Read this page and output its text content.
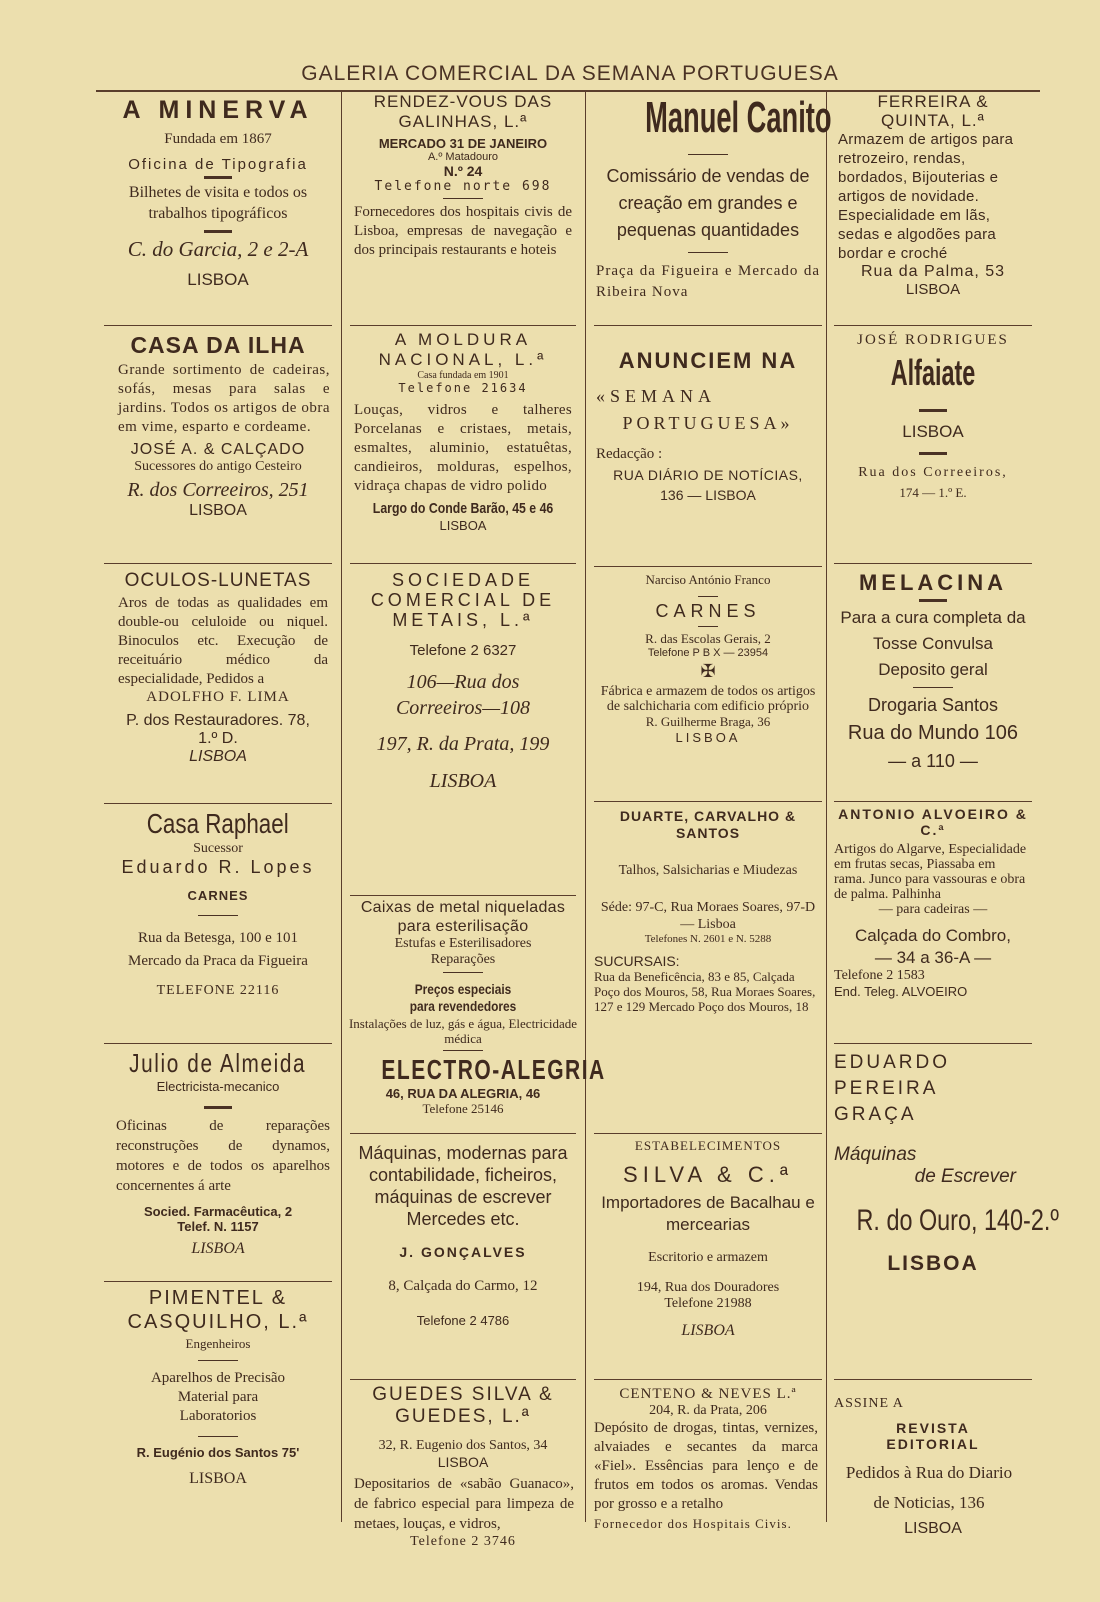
GALERIA COMERCIAL DA SEMANA PORTUGUESA

A MINERVA

Fundada em 1867

Oficina de Tipografia

Bilhetes de visita e todos os trabalhos tipográficos

C. do Garcia, 2 e 2-A

LISBOA

CASA DA ILHA

Grande sortimento de cadeiras, sofás, mesas para salas e jardins. Todos os artigos de obra em vime, esparto e cordeame.

JOSÉ A. & CALÇADO

Sucessores do antigo Cesteiro

R. dos Correeiros, 251

LISBOA

OCULOS-LUNETAS

Aros de todas as qualidades em double-ou celuloide ou niquel. Binoculos etc. Execução de receituário médico da especialidade, Pedidos a

ADOLFHO F. LIMA

P. dos Restauradores. 78, 1.º D.

LISBOA

Casa Raphael

Sucessor

Eduardo R. Lopes

CARNES

Rua da Betesga, 100 e 101

Mercado da Praca da Figueira

TELEFONE 22116

Julio de Almeida

Electricista-mecanico

Oficinas de reparações reconstruções de dynamos, motores e de todos os aparelhos concernentes á arte

Socied. Farmacêutica, 2

Telef. N. 1157

LISBOA

PIMENTEL & CASQUILHO, L.ª

Engenheiros

Aparelhos de Precisão Material para Laboratorios

R. Eugénio dos Santos 75'

LISBOA

RENDEZ-VOUS DAS GALINHAS, L.ª

MERCADO 31 DE JANEIRO

A.º Matadouro

N.º 24

Telefone norte 698

Fornecedores dos hospitais civis de Lisboa, empresas de navegação e dos principais restaurants e hoteis

A MOLDURA NACIONAL, L.ª

Casa fundada em 1901

Telefone 21634

Louças, vidros e talheres Porcelanas e cristaes, metais, esmaltes, aluminio, estatuêtas, candieiros, molduras, espelhos, vidraça chapas de vidro polido

Largo do Conde Barão, 45 e 46

LISBOA

SOCIEDADE COMERCIAL DE METAIS, L.ª

Telefone 2 6327

106—Rua dos Correeiros—108

197, R. da Prata, 199

LISBOA

Caixas de metal niqueladas para esterilisação

Estufas e Esterilisadores

Reparações

Preços especiais para revendedores

Instalações de luz, gás e água, Electricidade médica

ELECTRO-ALEGRIA

46, RUA DA ALEGRIA, 46

Telefone 25146

Máquinas, modernas para contabilidade, ficheiros, máquinas de escrever Mercedes etc.

J. GONÇALVES

8, Calçada do Carmo, 12

Telefone 2 4786

GUEDES SILVA &

GUEDES, L.ª

32, R. Eugenio dos Santos, 34

LISBOA

Depositarios de «sabão Guanaco», de fabrico especial para limpeza de metaes, louças, e vidros,

Telefone 2 3746

Manuel Canito

Comissário de vendas de creação em grandes e pequenas quantidades

Praça da Figueira e Mercado da Ribeira Nova

ANUNCIEM NA

«SEMANA

PORTUGUESA»

Redacção :

RUA DIÁRIO DE NOTÍCIAS,

136 — LISBOA

Narciso António Franco

CARNES

R. das Escolas Gerais, 2

Telefone P B X — 23954

✠

Fábrica e armazem de todos os artigos de salchicharia com edificio próprio

R. Guilherme Braga, 36

LISBOA

DUARTE, CARVALHO & SANTOS

Talhos, Salsicharias e Miudezas

Séde: 97-C, Rua Moraes Soares, 97-D — Lisboa

Telefones N. 2601 e N. 5288

SUCURSAIS:

Rua da Beneficência, 83 e 85, Calçada Poço dos Mouros, 58, Rua Moraes Soares, 127 e 129 Mercado Poço dos Mouros, 18

ESTABELECIMENTOS

SILVA & C.ª

Importadores de Bacalhau e mercearias

Escritorio e armazem

194, Rua dos Douradores

Telefone 21988

LISBOA

CENTENO & NEVES L.ª

204, R. da Prata, 206

Depósito de drogas, tintas, vernizes, alvaiades e secantes da marca «Fiel». Essências para lenço e de frutos em todos os aromas. Vendas por grosso e a retalho

Fornecedor dos Hospitais Civis.

FERREIRA & QUINTA, L.ª

Armazem de artigos para retrozeiro, rendas, bordados, Bijouterias e artigos de novidade. Especialidade em lãs, sedas e algodões para bordar e croché

Rua da Palma, 53

LISBOA

JOSÉ RODRIGUES

Alfaiate

LISBOA

Rua dos Correeiros,

174 — 1.º E.

MELACINA

Para a cura completa da Tosse Convulsa

Deposito geral

Drogaria Santos

Rua do Mundo 106

— a 110 —

ANTONIO ALVOEIRO & C.ª

Artigos do Algarve, Especialidade em frutas secas, Piassaba em rama. Junco para vassouras e obra de palma. Palhinha

— para cadeiras —

Calçada do Combro,

— 34 a 36-A —

Telefone 2 1583

End. Teleg. ALVOEIRO

EDUARDO PEREIRA GRAÇA

Máquinas

de Escrever

R. do Ouro, 140-2.º

LISBOA

ASSINE A

REVISTA

EDITORIAL

Pedidos à Rua do Diario de Noticias, 136

LISBOA
